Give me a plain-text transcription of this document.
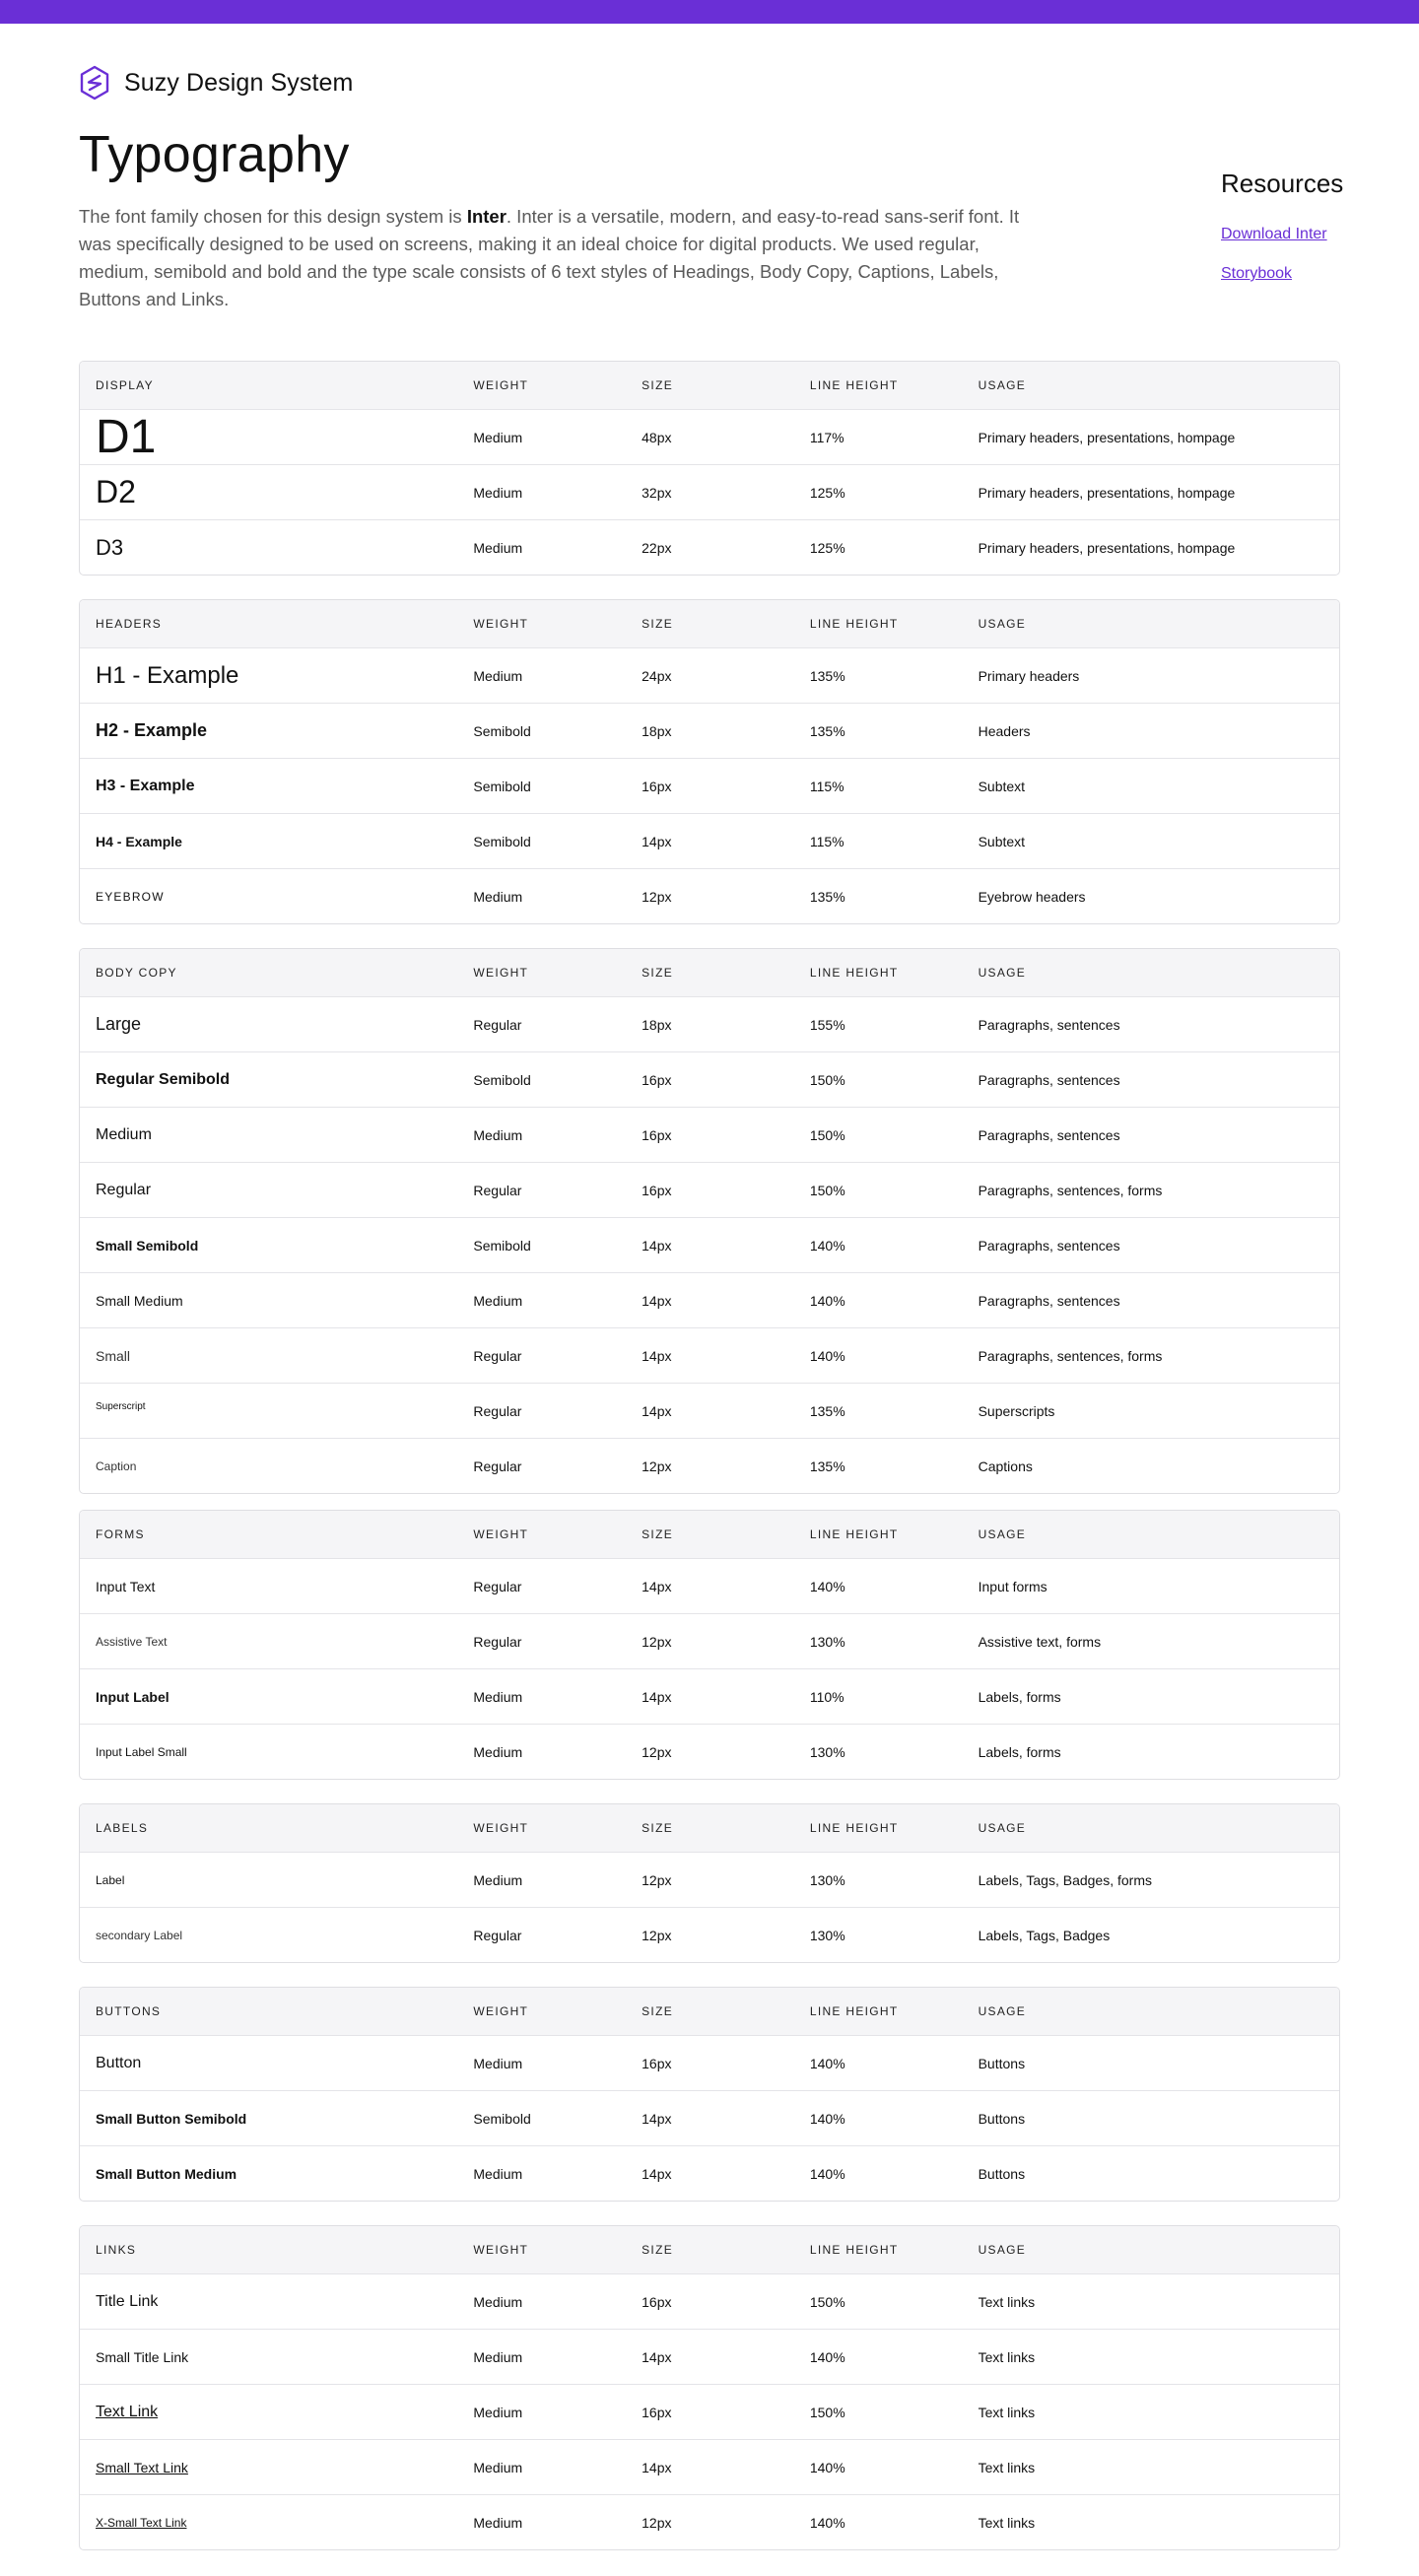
Suzy Design System
Typography

The font family chosen for this design system is Inter. Inter is a versatile, modern, and easy-to-read sans-serif font. It was specifically designed to be used on screens, making it an ideal choice for digital products. We used regular, medium, semibold and bold and the type scale consists of 6 text styles of Headings, Body Copy, Captions, Labels, Buttons and Links.

Resources
Download Inter
Storybook
DISPLAY	WEIGHT	SIZE	LINE HEIGHT	USAGE
D1	Medium	48px	117%	Primary headers, presentations, hompage
D2	Medium	32px	125%	Primary headers, presentations, hompage
D3	Medium	22px	125%	Primary headers, presentations, hompage
HEADERS	WEIGHT	SIZE	LINE HEIGHT	USAGE
H1 - Example	Medium	24px	135%	Primary headers
H2 - Example	Semibold	18px	135%	Headers
H3 - Example	Semibold	16px	115%	Subtext
H4 - Example	Semibold	14px	115%	Subtext
EYEBROW	Medium	12px	135%	Eyebrow headers
BODY COPY	WEIGHT	SIZE	LINE HEIGHT	USAGE
Large	Regular	18px	155%	Paragraphs, sentences
Regular Semibold	Semibold	16px	150%	Paragraphs, sentences
Medium	Medium	16px	150%	Paragraphs, sentences
Regular	Regular	16px	150%	Paragraphs, sentences, forms
Small Semibold	Semibold	14px	140%	Paragraphs, sentences
Small Medium	Medium	14px	140%	Paragraphs, sentences
Small	Regular	14px	140%	Paragraphs, sentences, forms
Superscript	Regular	14px	135%	Superscripts
Caption	Regular	12px	135%	Captions
FORMS	WEIGHT	SIZE	LINE HEIGHT	USAGE
Input Text	Regular	14px	140%	Input forms
Assistive Text	Regular	12px	130%	Assistive text, forms
Input Label	Medium	14px	110%	Labels, forms
Input Label Small	Medium	12px	130%	Labels, forms
LABELS	WEIGHT	SIZE	LINE HEIGHT	USAGE
Label	Medium	12px	130%	Labels, Tags, Badges, forms
secondary Label	Regular	12px	130%	Labels, Tags, Badges
BUTTONS	WEIGHT	SIZE	LINE HEIGHT	USAGE
Button	Medium	16px	140%	Buttons
Small Button Semibold	Semibold	14px	140%	Buttons
Small Button Medium	Medium	14px	140%	Buttons
LINKS	WEIGHT	SIZE	LINE HEIGHT	USAGE
Title Link	Medium	16px	150%	Text links
Small Title Link	Medium	14px	140%	Text links
Text Link	Medium	16px	150%	Text links
Small Text Link	Medium	14px	140%	Text links
X-Small Text Link	Medium	12px	140%	Text links
